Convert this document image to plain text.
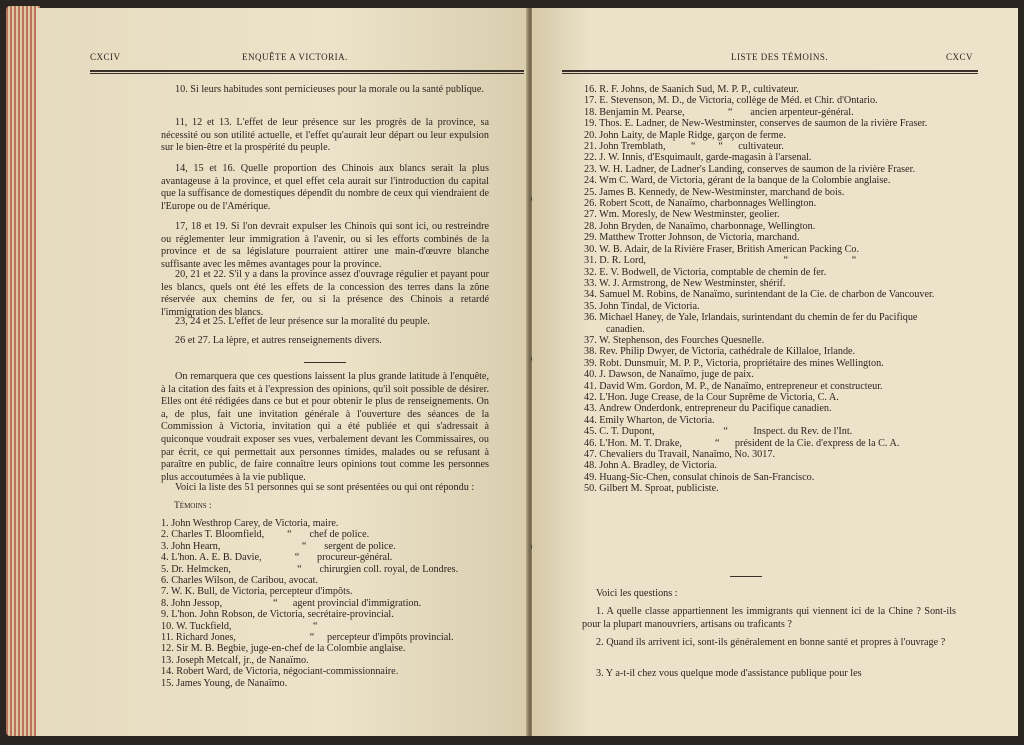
CXCIV	ENQUÊTE A VICTORIA.
10. Si leurs habitudes sont pernicieuses pour la morale ou la santé publique.
11, 12 et 13. L'effet de leur présence sur les progrès de la province, sa nécessité ou son utilité actuelle, et l'effet qu'aurait leur départ ou leur expulsion sur le bien-être et la prospérité du peuple.
14, 15 et 16. Quelle proportion des Chinois aux blancs serait la plus avantageuse à la province, et quel effet cela aurait sur l'introduction du capital que la suffisance de domestiques dépendît du nombre de ceux qui viendraient de l'Europe ou de l'Amérique.
17, 18 et 19. Si l'on devrait expulser les Chinois qui sont ici, ou restreindre ou réglementer leur immigration à l'avenir, ou si les efforts combinés de la province et de sa législature pourraient attirer une main-d'œuvre blanche suffisante avec les mêmes avantages pour la province.
20, 21 et 22. S'il y a dans la province assez d'ouvrage régulier et payant pour les blancs, quels ont été les effets de la concession des terres dans la zône réservée aux chemins de fer, ou si la présence des Chinois a retardé l'immigration des blancs.
23, 24 et 25. L'effet de leur présence sur la moralité du peuple.
26 et 27. La lèpre, et autres renseignements divers.
On remarquera que ces questions laissent la plus grande latitude à l'enquête, à la citation des faits et à l'expression des opinions, qu'il soit possible de désirer. Elles ont été rédigées dans ce but et pour obtenir le plus de renseignements. On a, de plus, fait une invitation générale à l'ouverture des séances de la Commission à Victoria, invitation qui a été publiée et qui s'adressait à quiconque voudrait exposer ses vues, verbalement devant les Commissaires, ou par écrit, ce qui permettait aux personnes timides, malades ou se refusant à paraître en public, de faire connaître leurs opinions tout comme les personnes plus accoutumées à la vie publique.
Voici la liste des 51 personnes qui se sont présentées ou qui ont répondu :
Témoins :
1. John Westhrop Carey, de Victoria, maire.
2. Charles T. Bloomfield,         “       chef de police.
3. John Hearn,                                “       sergent de police.
4. L'hon. A. E. B. Davie,             “       procureur-général.
5. Dr. Helmcken,                          “       chirurgien coll. royal, de Londres.
6. Charles Wilson, de Caribou, avocat.
7. W. K. Bull, de Victoria, percepteur d'impôts.
8. John Jessop,                    “      agent provincial d'immigration.
9. L'hon. John Robson, de Victoria, secrétaire-provincial.
10. W. Tuckfield,                                “
11. Richard Jones,                             “     percepteur d'impôts provincial.
12. Sir M. B. Begbie, juge-en-chef de la Colombie anglaise.
13. Joseph Metcalf, jr., de Nanaïmo.
14. Robert Ward, de Victoria, négociant-commissionnaire.
15. James Young, de Nanaïmo.
LISTE DES TÉMOINS.	CXCV
16. R. F. Johns, de Saanich Sud, M. P. P., cultivateur.
17. E. Stevenson, M. D., de Victoria, collège de Méd. et Chir. d'Ontario.
18. Benjamin M. Pearse,                 “       ancien arpenteur-général.
19. Thos. E. Ladner, de New-Westminster, conserves de saumon de la rivière Fraser.
20. John Laity, de Maple Ridge, garçon de ferme.
21. John Tremblath,          “         “      cultivateur.
22. J. W. Innis, d'Esquimault, garde-magasin à l'arsenal.
23. W. H. Ladner, de Ladner's Landing, conserves de saumon de la rivière Fraser.
24. Wm C. Ward, de Victoria, gérant de la banque de la Colombie anglaise.
25. James B. Kennedy, de New-Westminster, marchand de bois.
26. Robert Scott, de Nanaïmo, charbonnages Wellington.
27. Wm. Moresly, de New Westminster, geolier.
28. John Bryden, de Nanaïmo, charbonnage, Wellington.
29. Matthew Trotter Johnson, de Victoria, marchand.
30. W. B. Adair, de la Rivière Fraser, British American Packing Co.
31. D. R. Lord,                                                      “                         “
32. E. V. Bodwell, de Victoria, comptable de chemin de fer.
33. W. J. Armstrong, de New Westminster, shérif.
34. Samuel M. Robins, de Nanaïmo, surintendant de la Cie. de charbon de Vancouver.
35. John Tindal, de Victoria.
36. Michael Haney, de Yale, Irlandais, surintendant du chemin de fer du Pacifique canadien.
37. W. Stephenson, des Fourches Quesnelle.
38. Rev. Philip Dwyer, de Victoria, cathédrale de Killaloe, Irlande.
39. Robt. Dunsmuir, M. P. P., Victoria, propriétaire des mines Wellington.
40. J. Dawson, de Nanaïmo, juge de paix.
41. David Wm. Gordon, M. P., de Nanaïmo, entrepreneur et constructeur.
42. L'Hon. Juge Crease, de la Cour Suprême de Victoria, C. A.
43. Andrew Onderdonk, entrepreneur du Pacifique canadien.
44. Emily Wharton, de Victoria.
45. C. T. Dupont,                           “          Inspect. du Rev. de l'Int.
46. L'Hon. M. T. Drake,             “      président de la Cie. d'express de la C. A.
47. Chevaliers du Travail, Nanaïmo, No. 3017.
48. John A. Bradley, de Victoria.
49. Huang-Sic-Chen, consulat chinois de San-Francisco.
50. Gilbert M. Sproat, publiciste.
Voici les questions :
1. A quelle classe appartiennent les immigrants qui viennent ici de la Chine ? Sont-ils pour la plupart manouvriers, artisans ou traficants ?
2. Quand ils arrivent ici, sont-ils généralement en bonne santé et propres à l'ouvrage ?
3. Y a-t-il chez vous quelque mode d'assistance publique pour les
